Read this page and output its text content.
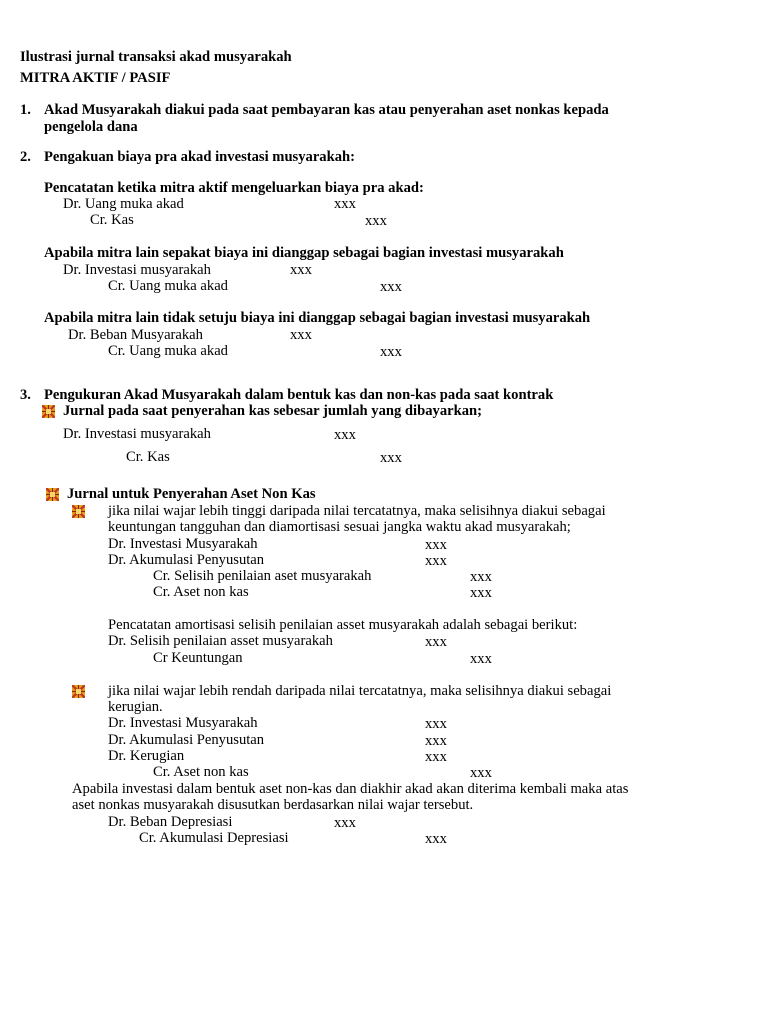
Ilustrasi jurnal transaksi akad musyarakah
MITRA AKTIF / PASIF
1. Akad Musyarakah diakui pada saat pembayaran kas atau penyerahan aset nonkas kepada
pengelola dana
2. Pengakuan biaya pra akad investasi musyarakah:
Pencatatan ketika mitra aktif mengeluarkan biaya pra akad:
Dr. Uang muka akad	xxx
Cr. Kas	xxx
Apabila mitra lain sepakat biaya ini dianggap sebagai bagian investasi musyarakah
Dr. Investasi musyarakah	xxx
Cr. Uang muka akad	xxx
Apabila mitra lain tidak setuju biaya ini dianggap sebagai bagian investasi musyarakah
Dr. Beban Musyarakah	xxx
Cr. Uang muka akad	xxx
3. Pengukuran Akad Musyarakah dalam bentuk kas dan non-kas pada saat kontrak
Jurnal pada saat penyerahan kas sebesar jumlah yang dibayarkan;
Dr. Investasi musyarakah	xxx
Cr. Kas	xxx
Jurnal untuk Penyerahan Aset Non Kas
jika nilai wajar lebih tinggi daripada nilai tercatatnya, maka selisihnya diakui sebagai
keuntungan tangguhan dan diamortisasi sesuai jangka waktu akad musyarakah;
Dr. Investasi Musyarakah	xxx
Dr. Akumulasi Penyusutan	xxx
Cr. Selisih penilaian aset musyarakah	xxx
Cr. Aset non kas	xxx
Pencatatan amortisasi selisih penilaian asset musyarakah adalah sebagai berikut:
Dr. Selisih penilaian asset musyarakah	xxx
Cr Keuntungan	xxx
jika nilai wajar lebih rendah daripada nilai tercatatnya, maka selisihnya diakui sebagai
kerugian.
Dr. Investasi Musyarakah	xxx
Dr. Akumulasi Penyusutan	xxx
Dr. Kerugian	xxx
Cr. Aset non kas	xxx
Apabila investasi dalam bentuk aset non-kas dan diakhir akad akan diterima kembali maka atas
aset nonkas musyarakah disusutkan berdasarkan nilai wajar tersebut.
Dr. Beban Depresiasi	xxx
Cr. Akumulasi Depresiasi	xxx
